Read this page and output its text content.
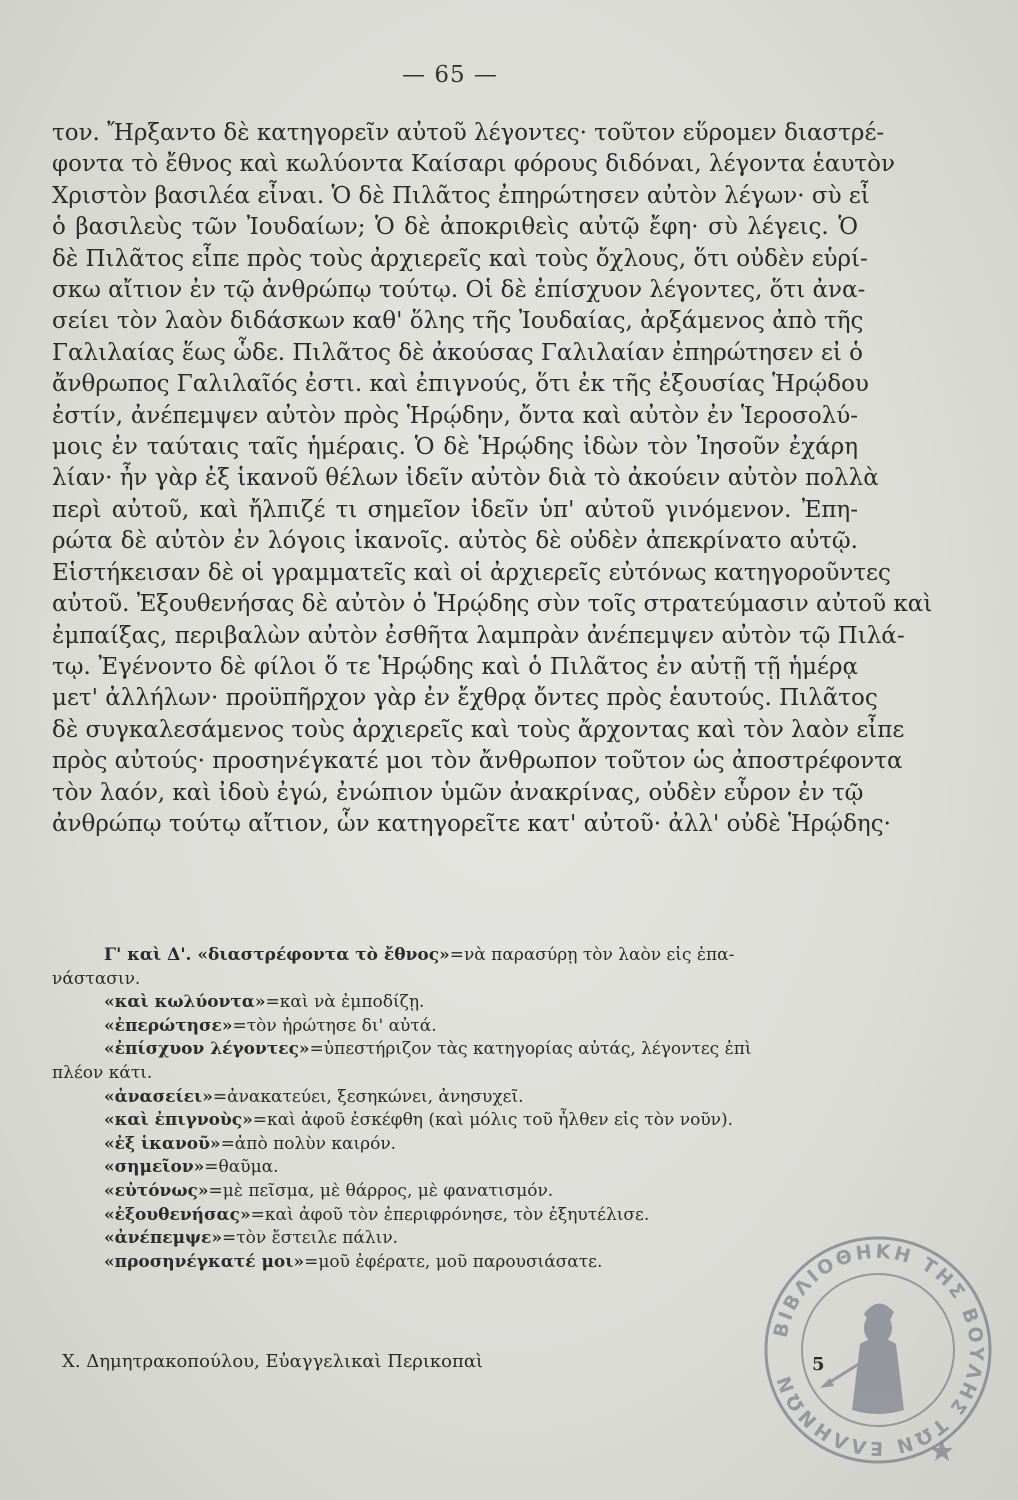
— 65 —
τον. Ἤρξαντο δὲ κατηγορεῖν αὐτοῦ λέγοντες· τοῦτον εὕρομεν διαστρέ-
φοντα τὸ ἔθνος καὶ κωλύοντα Καίσαρι φόρους διδόναι, λέγοντα ἑαυτὸν
Χριστὸν βασιλέα εἶναι. Ὁ δὲ Πιλᾶτος ἐπηρώτησεν αὐτὸν λέγων· σὺ εἶ
ὁ βασιλεὺς τῶν Ἰουδαίων; Ὁ δὲ ἀποκριθεὶς αὐτῷ ἔφη· σὺ λέγεις. Ὁ
δὲ Πιλᾶτος εἶπε πρὸς τοὺς ἀρχιερεῖς καὶ τοὺς ὄχλους, ὅτι οὐδὲν εὑρί-
σκω αἴτιον ἐν τῷ ἀνθρώπῳ τούτῳ. Οἱ δὲ ἐπίσχυον λέγοντες, ὅτι ἀνα-
σείει τὸν λαὸν διδάσκων καθ' ὅλης τῆς Ἰουδαίας, ἀρξάμενος ἀπὸ τῆς
Γαλιλαίας ἕως ὧδε. Πιλᾶτος δὲ ἀκούσας Γαλιλαίαν ἐπηρώτησεν εἰ ὁ
ἄνθρωπος Γαλιλαῖός ἐστι. καὶ ἐπιγνούς, ὅτι ἐκ τῆς ἐξουσίας Ἡρῴδου
ἐστίν, ἀνέπεμψεν αὐτὸν πρὸς Ἡρῴδην, ὄντα καὶ αὐτὸν ἐν Ἱεροσολύ-
μοις ἐν ταύταις ταῖς ἡμέραις. Ὁ δὲ Ἡρῴδης ἰδὼν τὸν Ἰησοῦν ἐχάρη
λίαν· ἦν γὰρ ἐξ ἱκανοῦ θέλων ἰδεῖν αὐτὸν διὰ τὸ ἀκούειν αὐτὸν πολλὰ
περὶ αὐτοῦ, καὶ ἤλπιζέ τι σημεῖον ἰδεῖν ὑπ' αὐτοῦ γινόμενον. Ἐπη-
ρώτα δὲ αὐτὸν ἐν λόγοις ἱκανοῖς. αὐτὸς δὲ οὐδὲν ἀπεκρίνατο αὐτῷ.
Εἱστήκεισαν δὲ οἱ γραμματεῖς καὶ οἱ ἀρχιερεῖς εὐτόνως κατηγοροῦντες
αὐτοῦ. Ἐξουθενήσας δὲ αὐτὸν ὁ Ἡρῴδης σὺν τοῖς στρατεύμασιν αὐτοῦ καὶ
ἐμπαίξας, περιβαλὼν αὐτὸν ἐσθῆτα λαμπρὰν ἀνέπεμψεν αὐτὸν τῷ Πιλά-
τῳ. Ἐγένοντο δὲ φίλοι ὅ τε Ἡρῴδης καὶ ὁ Πιλᾶτος ἐν αὐτῇ τῇ ἡμέρᾳ
μετ' ἀλλήλων· προϋπῆρχον γὰρ ἐν ἔχθρᾳ ὄντες πρὸς ἑαυτούς. Πιλᾶτος
δὲ συγκαλεσάμενος τοὺς ἀρχιερεῖς καὶ τοὺς ἄρχοντας καὶ τὸν λαὸν εἶπε
πρὸς αὐτούς· προσηνέγκατέ μοι τὸν ἄνθρωπον τοῦτον ὡς ἀποστρέφοντα
τὸν λαόν, καὶ ἰδοὺ ἐγώ, ἐνώπιον ὑμῶν ἀνακρίνας, οὐδὲν εὗρον ἐν τῷ
ἀνθρώπῳ τούτῳ αἴτιον, ὧν κατηγορεῖτε κατ' αὐτοῦ· ἀλλ' οὐδὲ Ἡρῴδης·
Γ' καὶ Δ'. «διαστρέφοντα τὸ ἔθνος»=νὰ παρασύρῃ τὸν λαὸν εἰς ἐπα-
νάστασιν.
«καὶ κωλύοντα»=καὶ νὰ ἐμποδίζῃ.
«ἐπερώτησε»=τὸν ἠρώτησε δι' αὐτά.
«ἐπίσχυον λέγοντες»=ὑπεστήριζον τὰς κατηγορίας αὐτάς, λέγοντες ἐπὶ
πλέον κάτι.
«ἀνασείει»=ἀνακατεύει, ξεσηκώνει, ἀνησυχεῖ.
«καὶ ἐπιγνοὺς»=καὶ ἀφοῦ ἐσκέφθη (καὶ μόλις τοῦ ἦλθεν εἰς τὸν νοῦν).
«ἐξ ἱκανοῦ»=ἀπὸ πολὺν καιρόν.
«σημεῖον»=θαῦμα.
«εὐτόνως»=μὲ πεῖσμα, μὲ θάρρος, μὲ φανατισμόν.
«ἐξουθενήσας»=καὶ ἀφοῦ τὸν ἐπεριφρόνησε, τὸν ἐξηυτέλισε.
«ἀνέπεμψε»=τὸν ἔστειλε πάλιν.
«προσηνέγκατέ μοι»=μοῦ ἐφέρατε, μοῦ παρουσιάσατε.
Χ. Δημητρακοπούλου, Εὐαγγελικαὶ Περικοπαὶ	5
ΒΙΒΛΙΟΘΗΚΗ ΤΗΣ ΒΟΥΛΗΣ ΤΩΝ ΕΛΛΗΝΩΝ
